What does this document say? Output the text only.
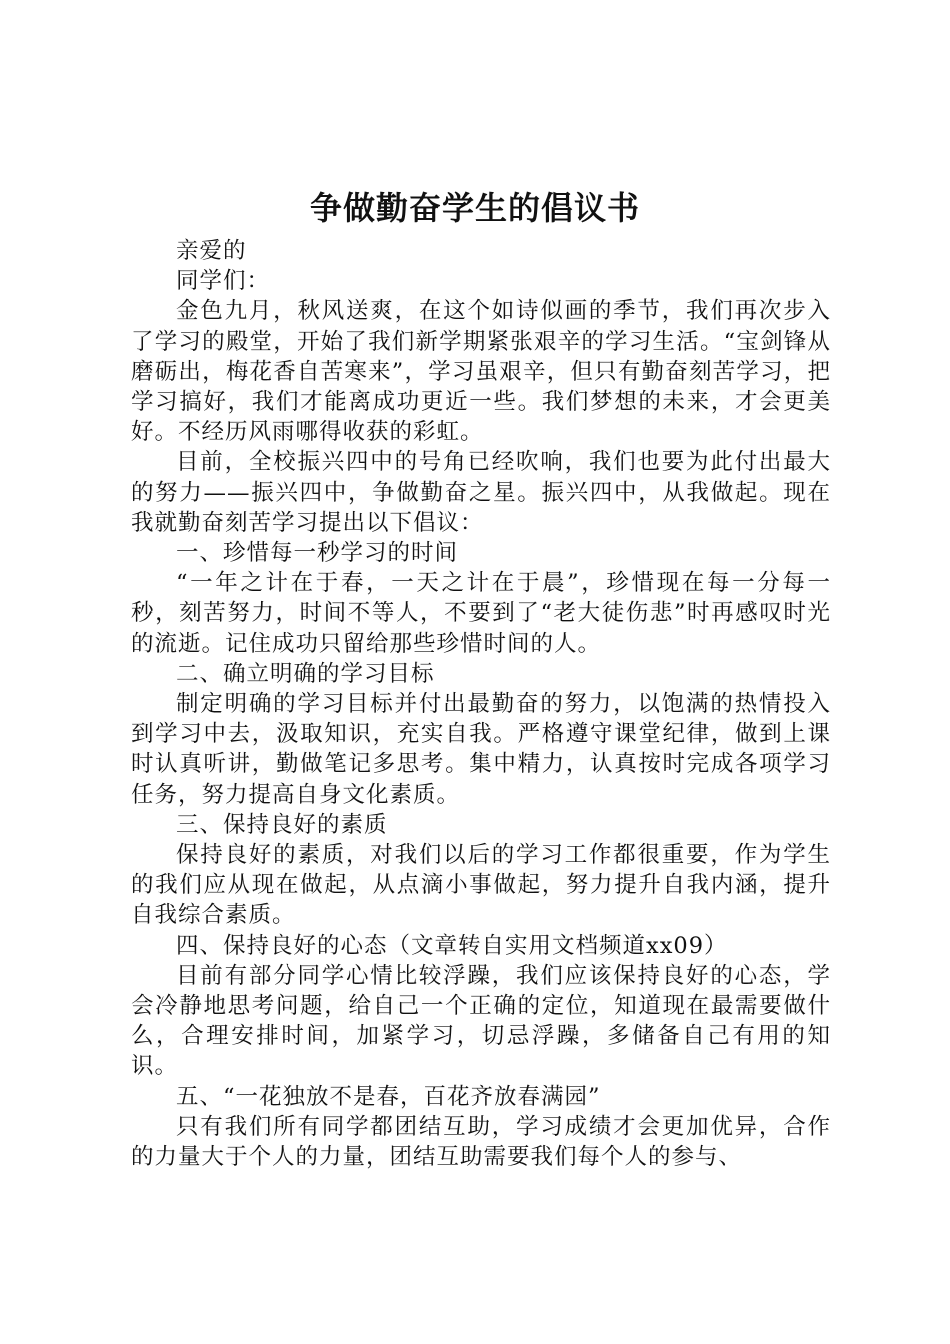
争做勤奋学生的倡议书

亲爱的

同学们：

金色九月，秋风送爽，在这个如诗似画的季节，我们再次步入了学习的殿堂，开始了我们新学期紧张艰辛的学习生活。“宝剑锋从磨砺出，梅花香自苦寒来”，学习虽艰辛，但只有勤奋刻苦学习，把学习搞好，我们才能离成功更近一些。我们梦想的未来，才会更美好。不经历风雨哪得收获的彩虹。

目前，全校振兴四中的号角已经吹响，我们也要为此付出最大的努力——振兴四中，争做勤奋之星。振兴四中，从我做起。现在我就勤奋刻苦学习提出以下倡议：

一、珍惜每一秒学习的时间

“一年之计在于春，一天之计在于晨”，珍惜现在每一分每一秒，刻苦努力，时间不等人，不要到了“老大徒伤悲”时再感叹时光的流逝。记住成功只留给那些珍惜时间的人。

二、确立明确的学习目标

制定明确的学习目标并付出最勤奋的努力，以饱满的热情投入到学习中去，汲取知识，充实自我。严格遵守课堂纪律，做到上课时认真听讲，勤做笔记多思考。集中精力，认真按时完成各项学习任务，努力提高自身文化素质。

三、保持良好的素质

保持良好的素质，对我们以后的学习工作都很重要，作为学生的我们应从现在做起，从点滴小事做起，努力提升自我内涵，提升自我综合素质。

四、保持良好的心态（文章转自实用文档频道xx09）

目前有部分同学心情比较浮躁，我们应该保持良好的心态，学会冷静地思考问题，给自己一个正确的定位，知道现在最需要做什么，合理安排时间，加紧学习，切忌浮躁，多储备自己有用的知识。

五、“一花独放不是春，百花齐放春满园”

只有我们所有同学都团结互助，学习成绩才会更加优异，合作的力量大于个人的力量，团结互助需要我们每个人的参与、
